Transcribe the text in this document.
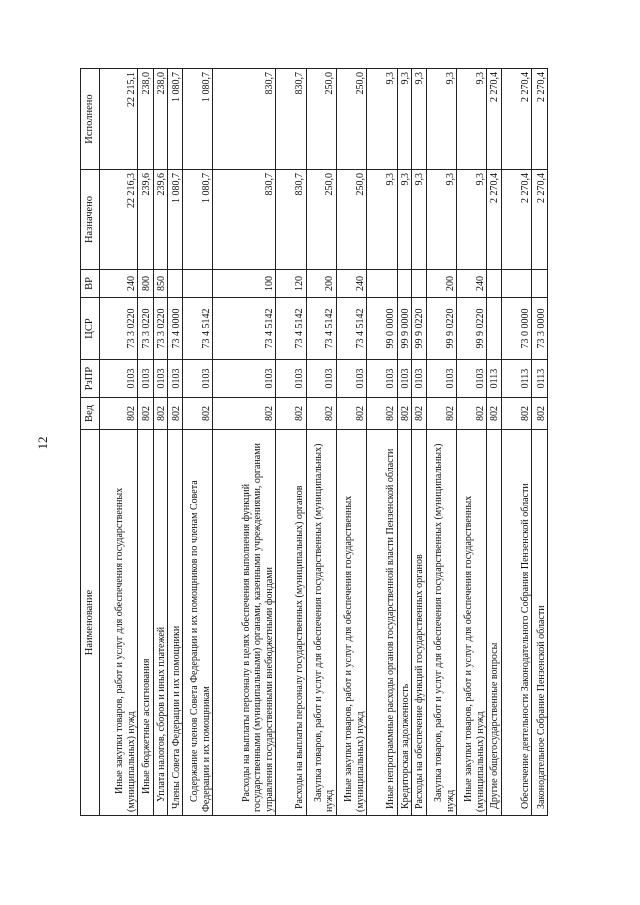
12
Наименование	Вед	РзПР	ЦСР	ВР	Назначено	Исполнено
Иные закупки товаров, работ и услуг для обеспечения государственных (муниципальных) нужд	802	0103	73 3 0220	240	22 216,3	22 215,1
Иные бюджетные ассигнования	802	0103	73 3 0220	800	239,6	238,0
Уплата налогов, сборов и иных платежей	802	0103	73 3 0220	850	239,6	238,0
Члены Совета Федерации и их помощники	802	0103	73 4 0000		1 080,7	1 080,7
Содержание членов Совета Федерации и их помощников по членам Совета Федерации и их помощникам	802	0103	73 4 5142		1 080,7	1 080,7
Расходы на выплаты персоналу в целях обеспечения выполнения функций государственными (муниципальными) органами, казенными учреждениями, органами управления государственными внебюджетными фондами	802	0103	73 4 5142	100	830,7	830,7
Расходы на выплаты персоналу государственных (муниципальных) органов	802	0103	73 4 5142	120	830,7	830,7
Закупка товаров, работ и услуг для обеспечения государственных (муниципальных) нужд	802	0103	73 4 5142	200	250,0	250,0
Иные закупки товаров, работ и услуг для обеспечения государственных (муниципальных) нужд	802	0103	73 4 5142	240	250,0	250,0
Иные непрограммные расходы органов государственной власти Пензенской области	802	0103	99 0 0000		9,3	9,3
Кредиторская задолженность	802	0103	99 9 0000		9,3	9,3
Расходы на обеспечение функций государственных органов	802	0103	99 9 0220		9,3	9,3
Закупка товаров, работ и услуг для обеспечения государственных (муниципальных) нужд	802	0103	99 9 0220	200	9,3	9,3
Иные закупки товаров, работ и услуг для обеспечения государственных (муниципальных) нужд	802	0103	99 9 0220	240	9,3	9,3
Другие общегосударственные вопросы	802	0113			2 270,4	2 270,4
Обеспечение деятельности Законодательного Собрания Пензенской области	802	0113	73 0 0000		2 270,4	2 270,4
Законодательное Собрание Пензенской области	802	0113	73 3 0000		2 270,4	2 270,4
